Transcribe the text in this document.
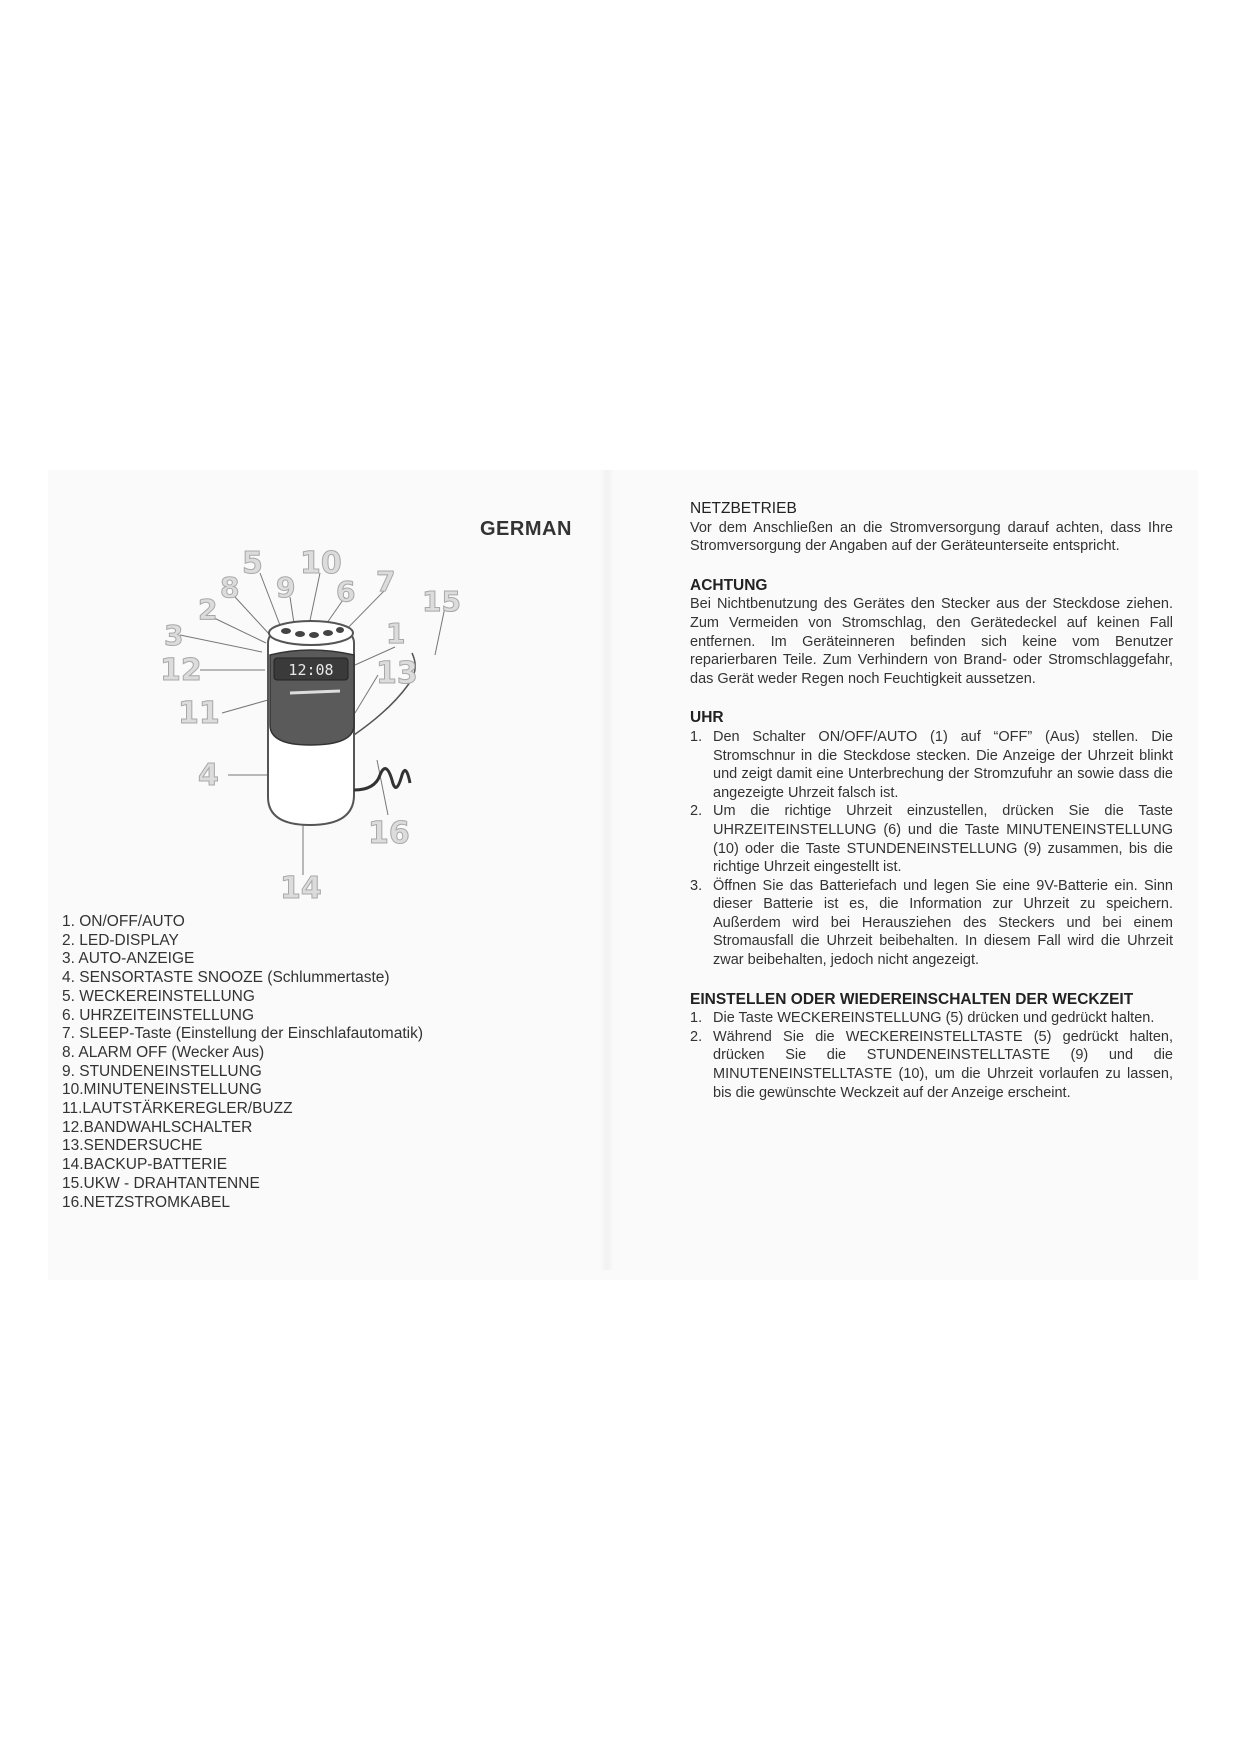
GERMAN
12:08
5 10
8 9 6 7
15
2
3	1
12	13
11
4
16
14
1. ON/OFF/AUTO
2. LED-DISPLAY
3. AUTO-ANZEIGE
4. SENSORTASTE SNOOZE (Schlummertaste)
5. WECKEREINSTELLUNG
6. UHRZEITEINSTELLUNG
7. SLEEP-Taste (Einstellung der Einschlafautomatik)
8. ALARM OFF (Wecker Aus)
9. STUNDENEINSTELLUNG
10.MINUTENEINSTELLUNG
11.LAUTSTÄRKEREGLER/BUZZ
12.BANDWAHLSCHALTER
13.SENDERSUCHE
14.BACKUP-BATTERIE
15.UKW - DRAHTANTENNE
16.NETZSTROMKABEL
NETZBETRIEB

Vor dem Anschließen an die Stromversorgung darauf achten, dass Ihre Stromversorgung der Angaben auf der Geräteunterseite entspricht.

ACHTUNG

Bei Nichtbenutzung des Gerätes den Stecker aus der Steckdose ziehen. Zum Vermeiden von Stromschlag, den Gerätedeckel auf keinen Fall entfernen. Im Geräteinneren befinden sich keine vom Benutzer reparierbaren Teile. Zum Verhindern von Brand- oder Stromschlaggefahr, das Gerät weder Regen noch Feuchtigkeit aussetzen.

UHR
1. Den Schalter ON/OFF/AUTO (1) auf “OFF” (Aus) stellen. Die Stromschnur in die Steckdose stecken. Die Anzeige der Uhrzeit blinkt und zeigt damit eine Unterbrechung der Stromzufuhr an sowie dass die angezeigte Uhrzeit falsch ist.
2. Um die richtige Uhrzeit einzustellen, drücken Sie die Taste UHRZEITEINSTELLUNG (6) und die Taste MINUTENEINSTELLUNG (10) oder die Taste STUNDENEINSTELLUNG (9) zusammen, bis die richtige Uhrzeit eingestellt ist.
3. Öffnen Sie das Batteriefach und legen Sie eine 9V-Batterie ein. Sinn dieser Batterie ist es, die Information zur Uhrzeit zu speichern. Außerdem wird bei Herausziehen des Steckers und bei einem Stromausfall die Uhrzeit beibehalten. In diesem Fall wird die Uhrzeit zwar beibehalten, jedoch nicht angezeigt.
EINSTELLEN ODER WIEDEREINSCHALTEN DER WECKZEIT
1. Die Taste WECKEREINSTELLUNG (5) drücken und gedrückt halten.
2. Während Sie die WECKEREINSTELLTASTE (5) gedrückt halten, drücken Sie die STUNDENEINSTELLTASTE (9) und die MINUTENEINSTELLTASTE (10), um die Uhrzeit vorlaufen zu lassen, bis die gewünschte Weckzeit auf der Anzeige erscheint.
